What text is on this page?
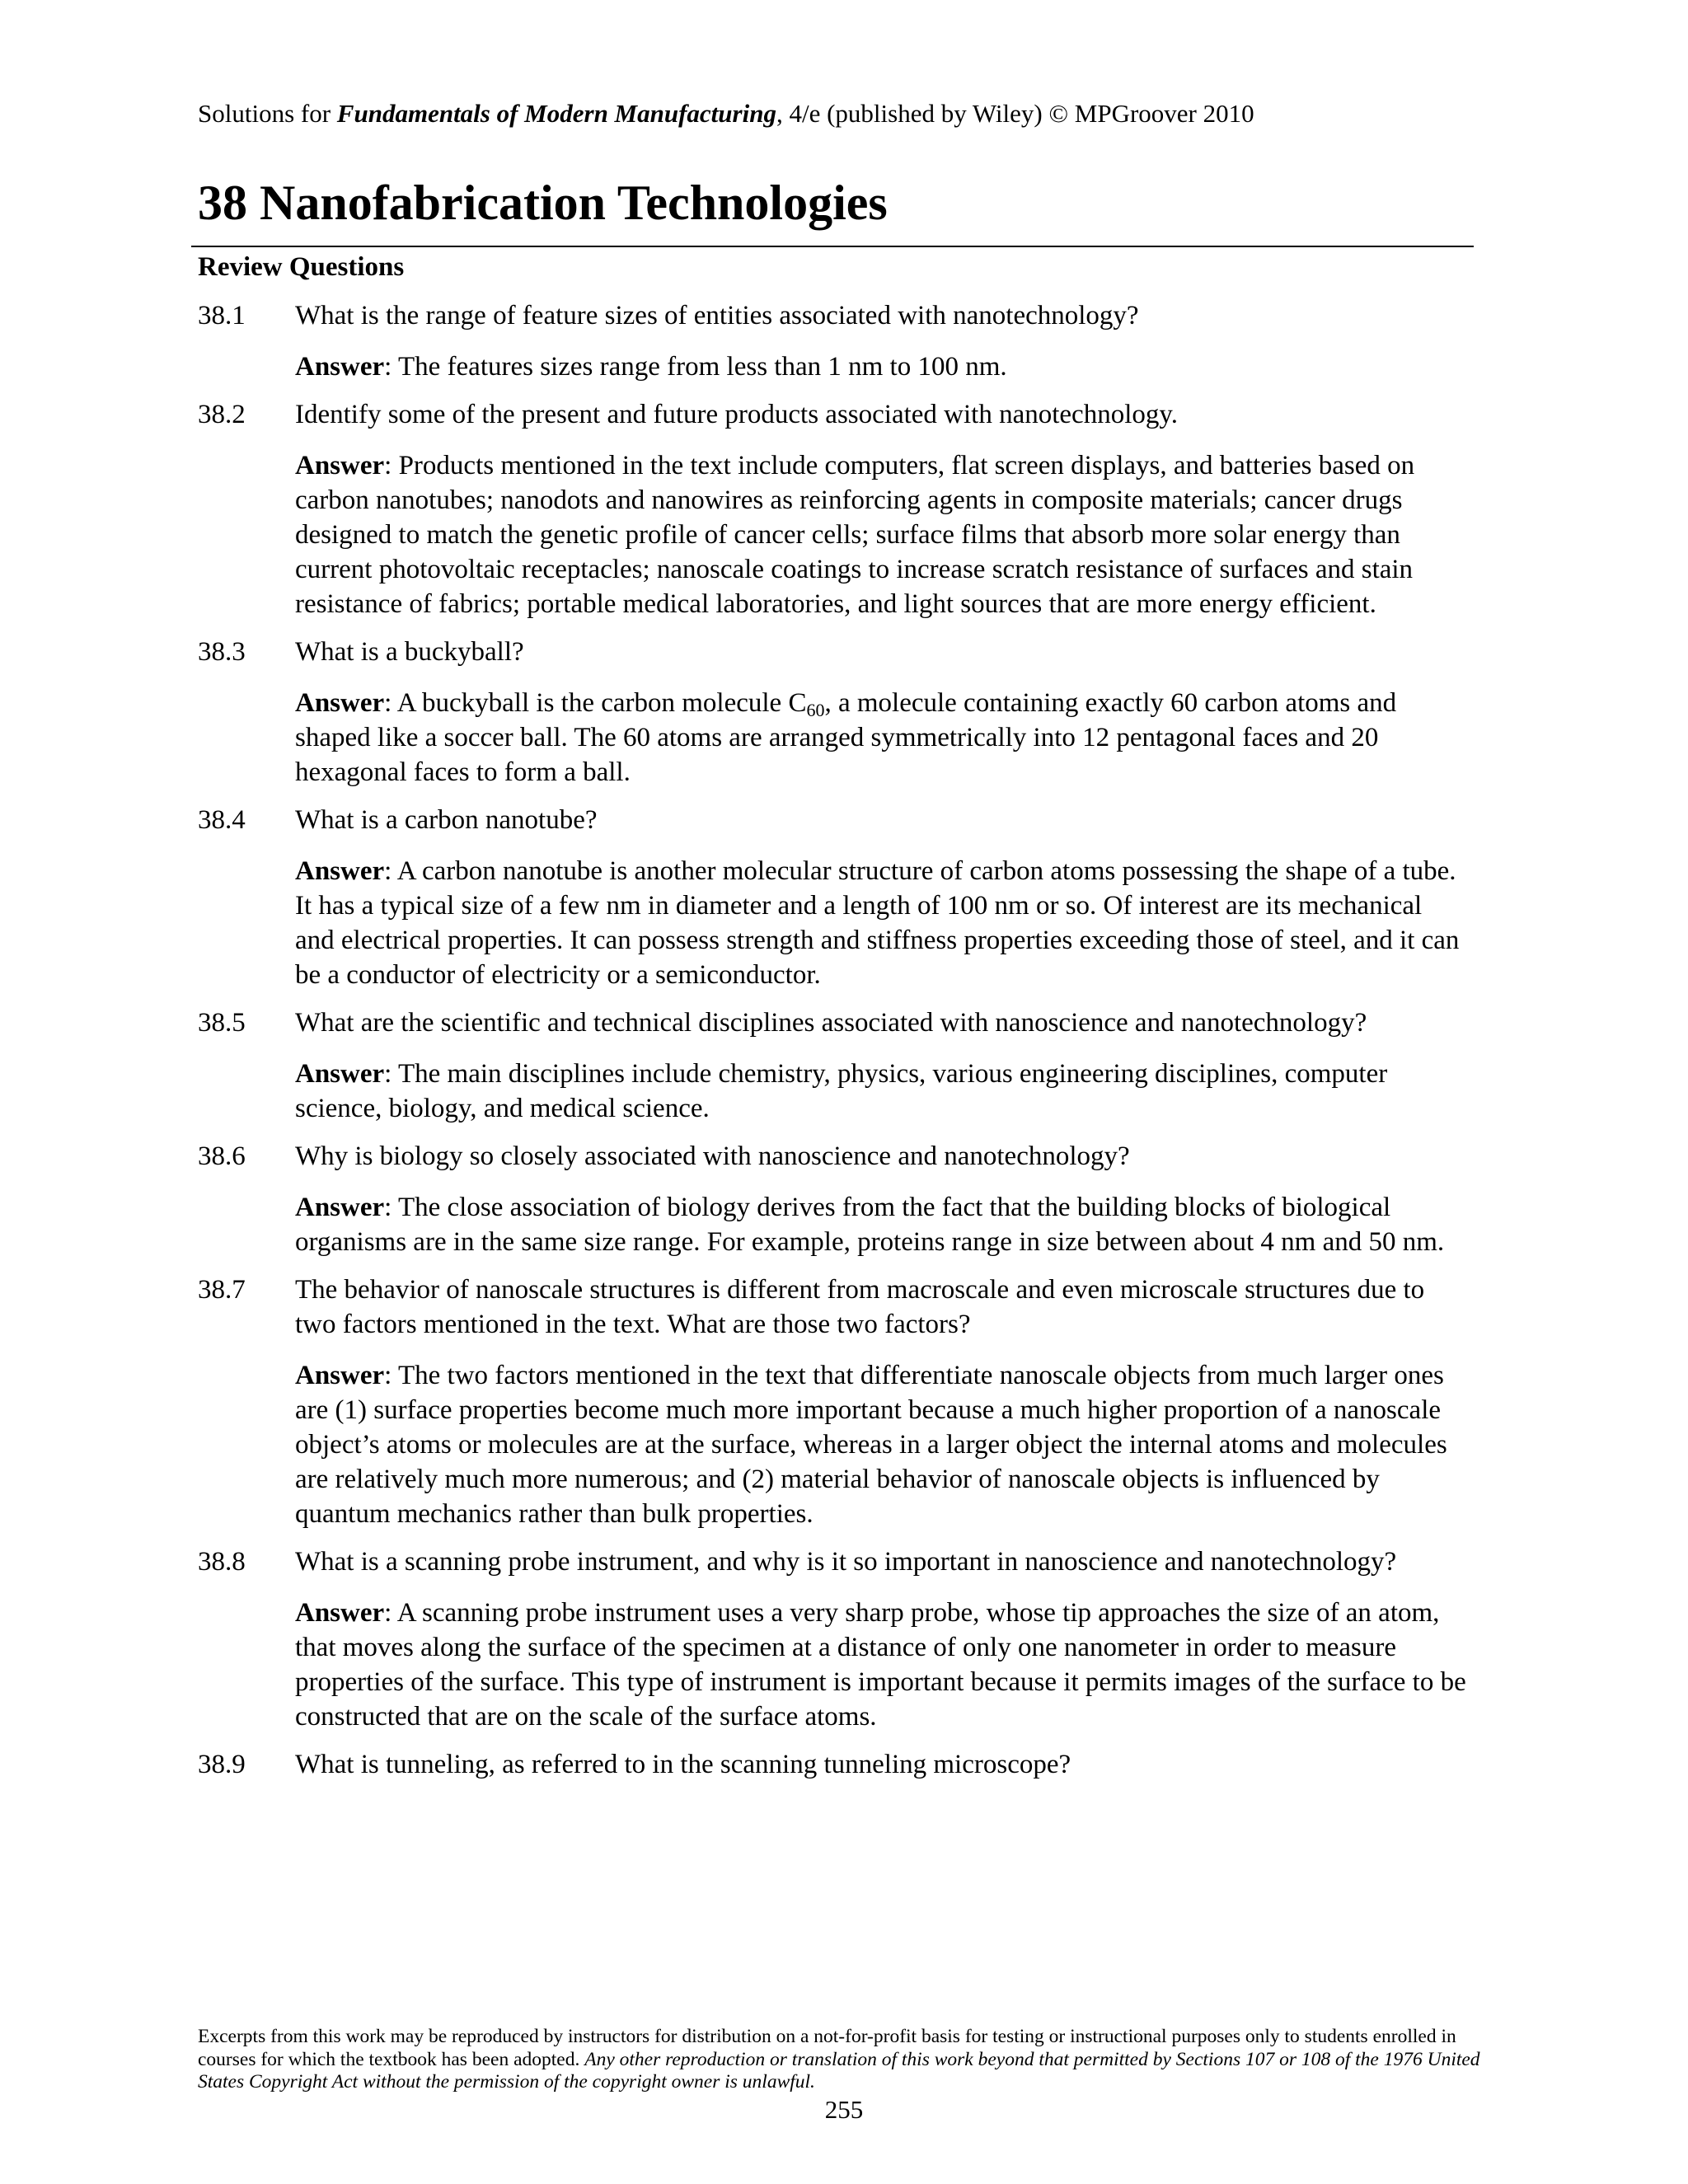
Solutions for Fundamentals of Modern Manufacturing, 4/e (published by Wiley) © MPGroover 2010
38 Nanofabrication Technologies
Review Questions
38.1	What is the range of feature sizes of entities associated with nanotechnology?
Answer: The features sizes range from less than 1 nm to 100 nm.
38.2	Identify some of the present and future products associated with nanotechnology.
Answer: Products mentioned in the text include computers, flat screen displays, and batteries based on carbon nanotubes; nanodots and nanowires as reinforcing agents in composite materials; cancer drugs designed to match the genetic profile of cancer cells; surface films that absorb more solar energy than current photovoltaic receptacles; nanoscale coatings to increase scratch resistance of surfaces and stain resistance of fabrics; portable medical laboratories, and light sources that are more energy efficient.
38.3	What is a buckyball?
Answer: A buckyball is the carbon molecule $C_{60}$, a molecule containing exactly 60 carbon atoms and shaped like a soccer ball. The 60 atoms are arranged symmetrically into 12 pentagonal faces and 20 hexagonal faces to form a ball.
38.4	What is a carbon nanotube?
Answer: A carbon nanotube is another molecular structure of carbon atoms possessing the shape of a tube. It has a typical size of a few nm in diameter and a length of 100 nm or so. Of interest are its mechanical and electrical properties. It can possess strength and stiffness properties exceeding those of steel, and it can be a conductor of electricity or a semiconductor.
38.5	What are the scientific and technical disciplines associated with nanoscience and nanotechnology?
Answer: The main disciplines include chemistry, physics, various engineering disciplines, computer science, biology, and medical science.
38.6	Why is biology so closely associated with nanoscience and nanotechnology?
Answer: The close association of biology derives from the fact that the building blocks of biological organisms are in the same size range. For example, proteins range in size between about 4 nm and 50 nm.
38.7	The behavior of nanoscale structures is different from macroscale and even microscale structures due to two factors mentioned in the text. What are those two factors?
Answer: The two factors mentioned in the text that differentiate nanoscale objects from much larger ones are (1) surface properties become much more important because a much higher proportion of a nanoscale object’s atoms or molecules are at the surface, whereas in a larger object the internal atoms and molecules are relatively much more numerous; and (2) material behavior of nanoscale objects is influenced by quantum mechanics rather than bulk properties.
38.8	What is a scanning probe instrument, and why is it so important in nanoscience and nanotechnology?
Answer: A scanning probe instrument uses a very sharp probe, whose tip approaches the size of an atom, that moves along the surface of the specimen at a distance of only one nanometer in order to measure properties of the surface. This type of instrument is important because it permits images of the surface to be constructed that are on the scale of the surface atoms.
38.9	What is tunneling, as referred to in the scanning tunneling microscope?
Excerpts from this work may be reproduced by instructors for distribution on a not-for-profit basis for testing or instructional purposes only to students enrolled in courses for which the textbook has been adopted. Any other reproduction or translation of this work beyond that permitted by Sections 107 or 108 of the 1976 United States Copyright Act without the permission of the copyright owner is unlawful.
255
